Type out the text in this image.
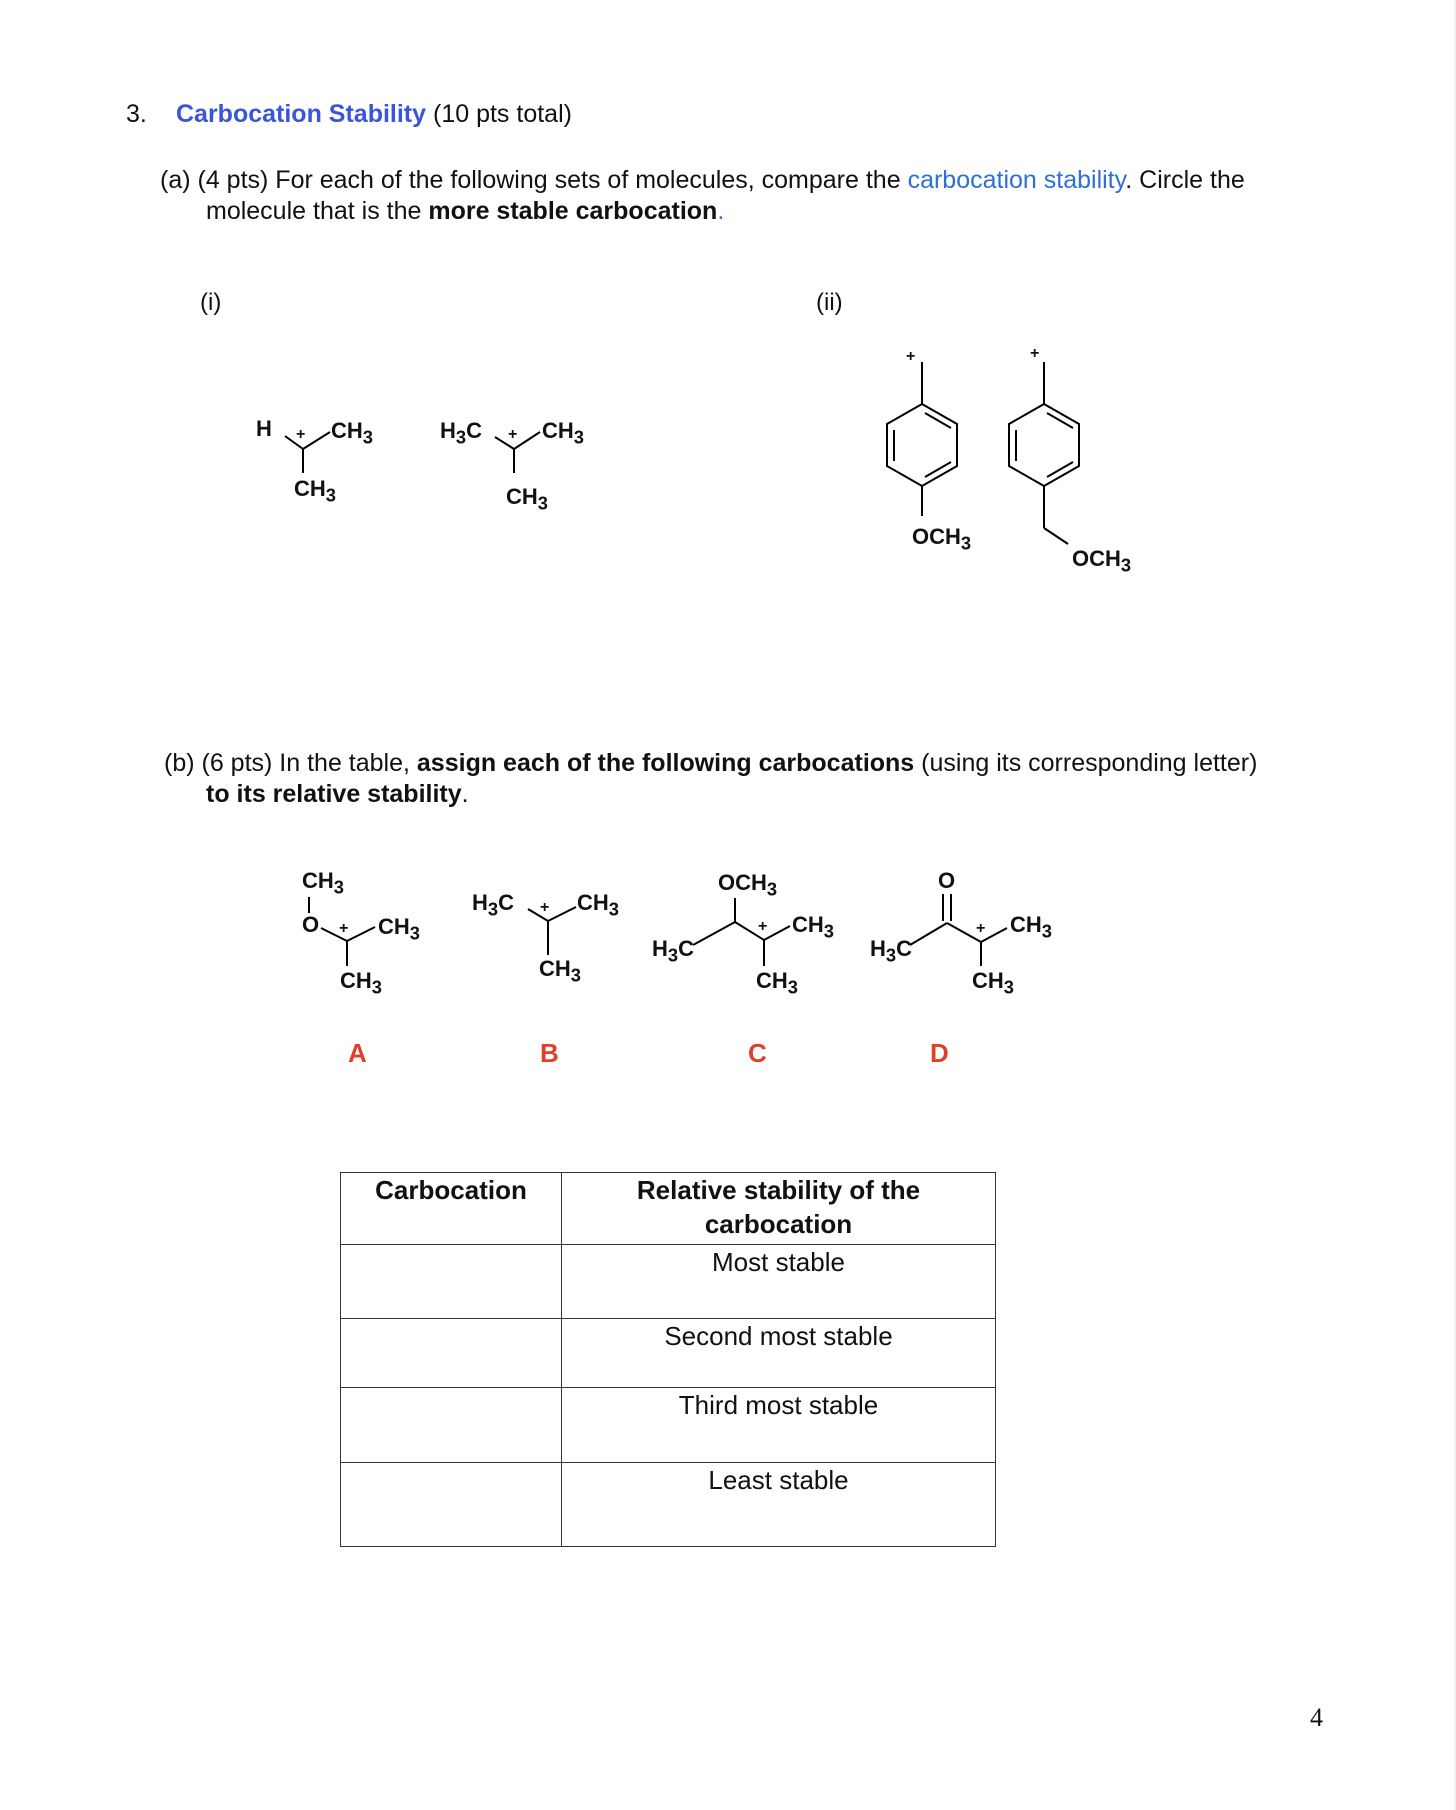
3. Carbocation Stability (10 pts total)
(a) (4 pts) For each of the following sets of molecules, compare the carbocation stability. Circle the
molecule that is the more stable carbocation.
(i)	(ii)
$H + CH_3$
$CH_3$
$H_3C + CH_3$
$CH_3$
+
$OCH_3$
+
$OCH_3$
(b) (6 pts) In the table, assign each of the following carbocations (using its corresponding letter)
to its relative stability.
$CH_3$
$O + CH_3$
$CH_3$
A
$H_3C + CH_3$
$CH_3$
B
$OCH_3$
$H_3C$
+ $CH_3$
$CH_3$
C
O
$H_3C$
+ $CH_3$
$CH_3$
D
Carbocation	Relative stability of the
carbocation

	Most stable
	Second most stable
	Third most stable
	Least stable
4
